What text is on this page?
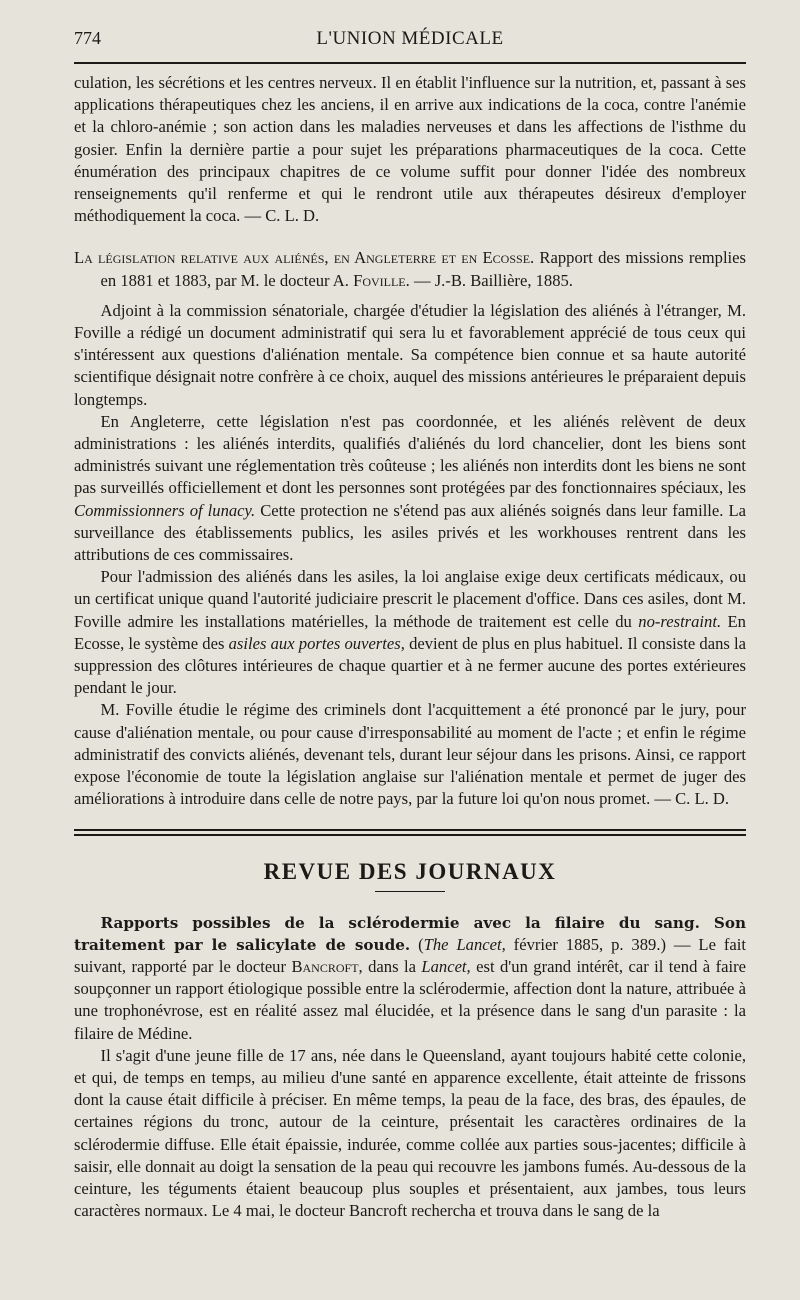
774	L'UNION MÉDICALE

culation, les sécrétions et les centres nerveux. Il en établit l'influence sur la nutrition, et, passant à ses applications thérapeutiques chez les anciens, il en arrive aux indications de la coca, contre l'anémie et la chloro-anémie ; son action dans les maladies nerveuses et dans les affections de l'isthme du gosier. Enfin la dernière partie a pour sujet les préparations pharmaceutiques de la coca. Cette énumération des principaux chapitres de ce volume suffit pour donner l'idée des nombreux renseignements qu'il renferme et qui le rendront utile aux thérapeutes désireux d'employer méthodiquement la coca. — C. L. D.

La législation relative aux aliénés, en Angleterre et en Ecosse. Rapport des missions remplies en 1881 et 1883, par M. le docteur A. Foville. — J.-B. Baillière, 1885.

Adjoint à la commission sénatoriale, chargée d'étudier la législation des aliénés à l'étranger, M. Foville a rédigé un document administratif qui sera lu et favorablement apprécié de tous ceux qui s'intéressent aux questions d'aliénation mentale. Sa compétence bien connue et sa haute autorité scientifique désignait notre confrère à ce choix, auquel des missions antérieures le préparaient depuis longtemps.

En Angleterre, cette législation n'est pas coordonnée, et les aliénés relèvent de deux administrations : les aliénés interdits, qualifiés d'aliénés du lord chancelier, dont les biens sont administrés suivant une réglementation très coûteuse ; les aliénés non interdits dont les biens ne sont pas surveillés officiellement et dont les personnes sont protégées par des fonctionnaires spéciaux, les Commissionners of lunacy. Cette protection ne s'étend pas aux aliénés soignés dans leur famille. La surveillance des établissements publics, les asiles privés et les workhouses rentrent dans les attributions de ces commissaires.

Pour l'admission des aliénés dans les asiles, la loi anglaise exige deux certificats médicaux, ou un certificat unique quand l'autorité judiciaire prescrit le placement d'office. Dans ces asiles, dont M. Foville admire les installations matérielles, la méthode de traitement est celle du no-restraint. En Ecosse, le système des asiles aux portes ouvertes, devient de plus en plus habituel. Il consiste dans la suppression des clôtures intérieures de chaque quartier et à ne fermer aucune des portes extérieures pendant le jour.

M. Foville étudie le régime des criminels dont l'acquittement a été prononcé par le jury, pour cause d'aliénation mentale, ou pour cause d'irresponsabilité au moment de l'acte ; et enfin le régime administratif des convicts aliénés, devenant tels, durant leur séjour dans les prisons. Ainsi, ce rapport expose l'économie de toute la législation anglaise sur l'aliénation mentale et permet de juger des améliorations à introduire dans celle de notre pays, par la future loi qu'on nous promet. — C. L. D.

REVUE DES JOURNAUX

Rapports possibles de la sclérodermie avec la filaire du sang. Son traitement par le salicylate de soude. (The Lancet, février 1885, p. 389.) — Le fait suivant, rapporté par le docteur Bancroft, dans la Lancet, est d'un grand intérêt, car il tend à faire soupçonner un rapport étiologique possible entre la sclérodermie, affection dont la nature, attribuée à une trophonévrose, est en réalité assez mal élucidée, et la présence dans le sang d'un parasite : la filaire de Médine.

Il s'agit d'une jeune fille de 17 ans, née dans le Queensland, ayant toujours habité cette colonie, et qui, de temps en temps, au milieu d'une santé en apparence excellente, était atteinte de frissons dont la cause était difficile à préciser. En même temps, la peau de la face, des bras, des épaules, de certaines régions du tronc, autour de la ceinture, présentait les caractères ordinaires de la sclérodermie diffuse. Elle était épaissie, indurée, comme collée aux parties sous-jacentes; difficile à saisir, elle donnait au doigt la sensation de la peau qui recouvre les jambons fumés. Au-dessous de la ceinture, les téguments étaient beaucoup plus souples et présentaient, aux jambes, tous leurs caractères normaux. Le 4 mai, le docteur Bancroft rechercha et trouva dans le sang de la
